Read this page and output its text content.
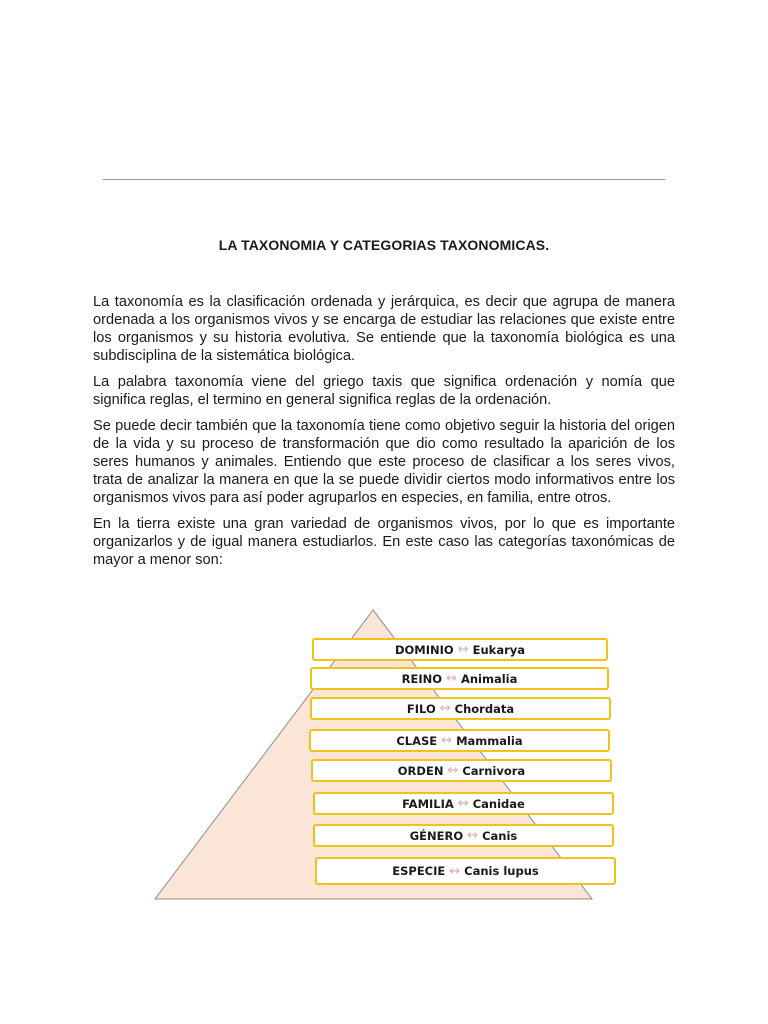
LA TAXONOMIA Y CATEGORIAS TAXONOMICAS.

La taxonomía es la clasificación ordenada y jerárquica, es decir que agrupa de manera ordenada a los organismos vivos y se encarga de estudiar las relaciones que existe entre los organismos y su historia evolutiva. Se entiende que la taxonomía biológica es una subdisciplina de la sistemática biológica.

La palabra taxonomía viene del griego taxis que significa ordenación y nomía que significa reglas, el termino en general significa reglas de la ordenación.

Se puede decir también que la taxonomía tiene como objetivo seguir la historia del origen de la vida y su proceso de transformación que dio como resultado la aparición de los seres humanos y animales. Entiendo que este proceso de clasificar a los seres vivos, trata de analizar la manera en que la se puede dividir ciertos modo informativos entre los organismos vivos para así poder agruparlos en especies, en familia, entre otros.

En la tierra existe una gran variedad de organismos vivos, por lo que es importante organizarlos y de igual manera estudiarlos. En este caso las categorías taxonómicas de mayor a menor son:

DOMINIO ↔ Eukarya
REINO ↔ Animalia
FILO ↔ Chordata
CLASE ↔ Mammalia
ORDEN ↔ Carnivora
FAMILIA ↔ Canidae
GÉNERO ↔ Canis
ESPECIE ↔ Canis lupus
